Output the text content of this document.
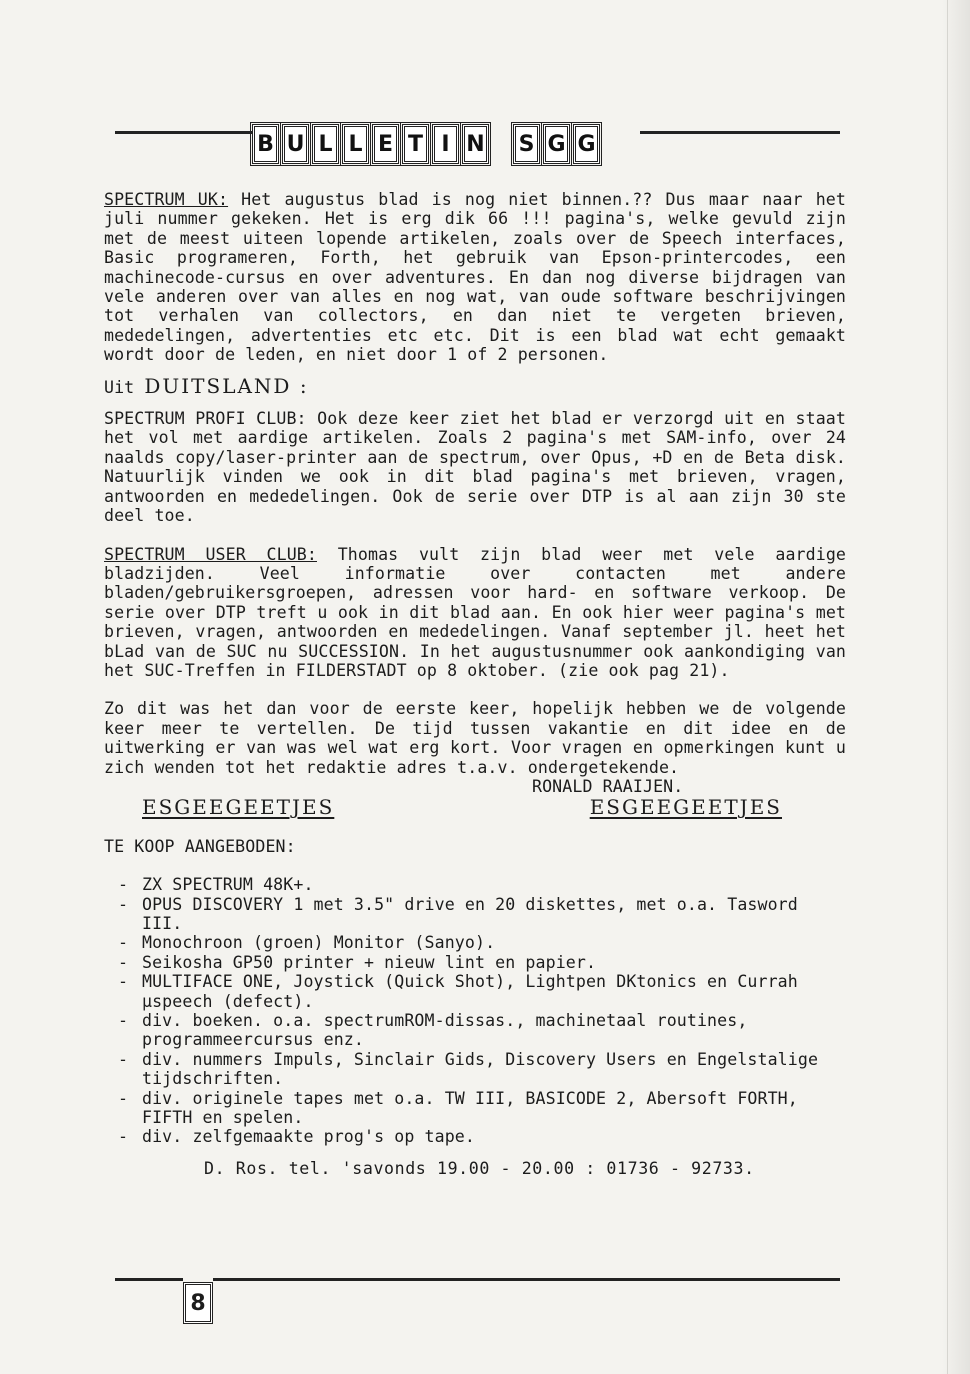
B U L L E T I N S G G

SPECTRUM UK: Het augustus blad is nog niet binnen.?? Dus maar naar het juli nummer gekeken. Het is erg dik 66 !!! pagina's, welke gevuld zijn met de meest uiteen lopende artikelen, zoals over de Speech interfaces, Basic programeren, Forth, het gebruik van Epson-printercodes, een machinecode-cursus en over adventures. En dan nog diverse bijdragen van vele anderen over van alles en nog wat, van oude software beschrijvingen tot verhalen van collectors, en dan niet te vergeten brieven, mededelingen, advertenties etc etc. Dit is een blad wat echt gemaakt wordt door de leden, en niet door 1 of 2 personen.

Uit DUITSLAND :

SPECTRUM PROFI CLUB: Ook deze keer ziet het blad er verzorgd uit en staat het vol met aardige artikelen. Zoals 2 pagina's met SAM-info, over 24 naalds copy/laser-printer aan de spectrum, over Opus, +D en de Beta disk. Natuurlijk vinden we ook in dit blad pagina's met brieven, vragen, antwoorden en mededelingen. Ook de serie over DTP is al aan zijn 30 ste deel toe.

SPECTRUM USER CLUB: Thomas vult zijn blad weer met vele aardige bladzijden. Veel informatie over contacten met andere bladen/gebruikersgroepen, adressen voor hard- en software verkoop. De serie over DTP treft u ook in dit blad aan. En ook hier weer pagina's met brieven, vragen, antwoorden en mededelingen. Vanaf september jl. heet het bLad van de SUC nu SUCCESSION. In het augustusnummer ook aankondiging van het SUC-Treffen in FILDERSTADT op 8 oktober. (zie ook pag 21).

Zo dit was het dan voor de eerste keer, hopelijk hebben we de volgende keer meer te vertellen. De tijd tussen vakantie en dit idee en de uitwerking er van was wel wat erg kort. Voor vragen en opmerkingen kunt u zich wenden tot het redaktie adres t.a.v. ondergetekende.

RONALD RAAIJEN.
ESGEEGEETJES	ESGEEGEETJES

TE KOOP AANGEBODEN:

- ZX SPECTRUM 48K+.
- OPUS DISCOVERY 1 met 3.5" drive en 20 diskettes, met o.a. Tasword III.
- Monochroon (groen) Monitor (Sanyo).
- Seikosha GP50 printer + nieuw lint en papier.
- MULTIFACE ONE, Joystick (Quick Shot), Lightpen DKtonics en Currah µspeech (defect).
- div. boeken. o.a. spectrumROM-dissas., machinetaal routines, programmeercursus enz.
- div. nummers Impuls, Sinclair Gids, Discovery Users en Engelstalige tijdschriften.
- div. originele tapes met o.a. TW III, BASICODE 2, Abersoft FORTH, FIFTH en spelen.
- div. zelfgemaakte prog's op tape.
D. Ros. tel. 'savonds 19.00 - 20.00 : 01736 - 92733.
8
